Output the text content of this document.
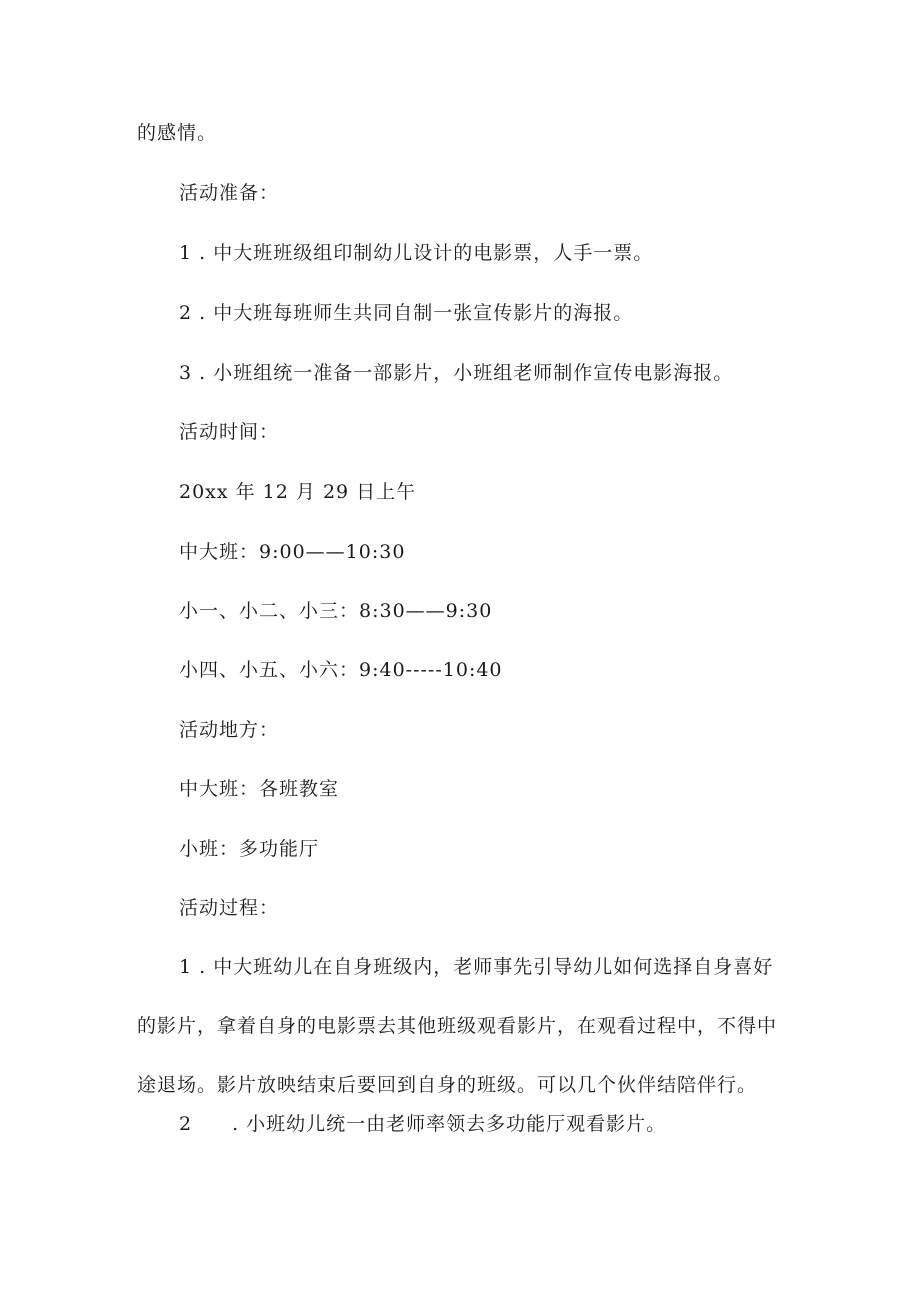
的感情。
活动准备：
1 . 中大班班级组印制幼儿设计的电影票，人手一票。
2 . 中大班每班师生共同自制一张宣传影片的海报。
3 . 小班组统一准备一部影片，小班组老师制作宣传电影海报。
活动时间：
20xx 年 12 月 29 日上午
中大班：9:00——10:30
小一、小二、小三：8:30——9:30
小四、小五、小六：9:40-----10:40
活动地方：
中大班：各班教室
小班：多功能厅
活动过程：
1 . 中大班幼儿在自身班级内，老师事先引导幼儿如何选择自身喜好
的影片，拿着自身的电影票去其他班级观看影片，在观看过程中，不得中
途退场。影片放映结束后要回到自身的班级。可以几个伙伴结陪伴行。
2　　. 小班幼儿统一由老师率领去多功能厅观看影片。
